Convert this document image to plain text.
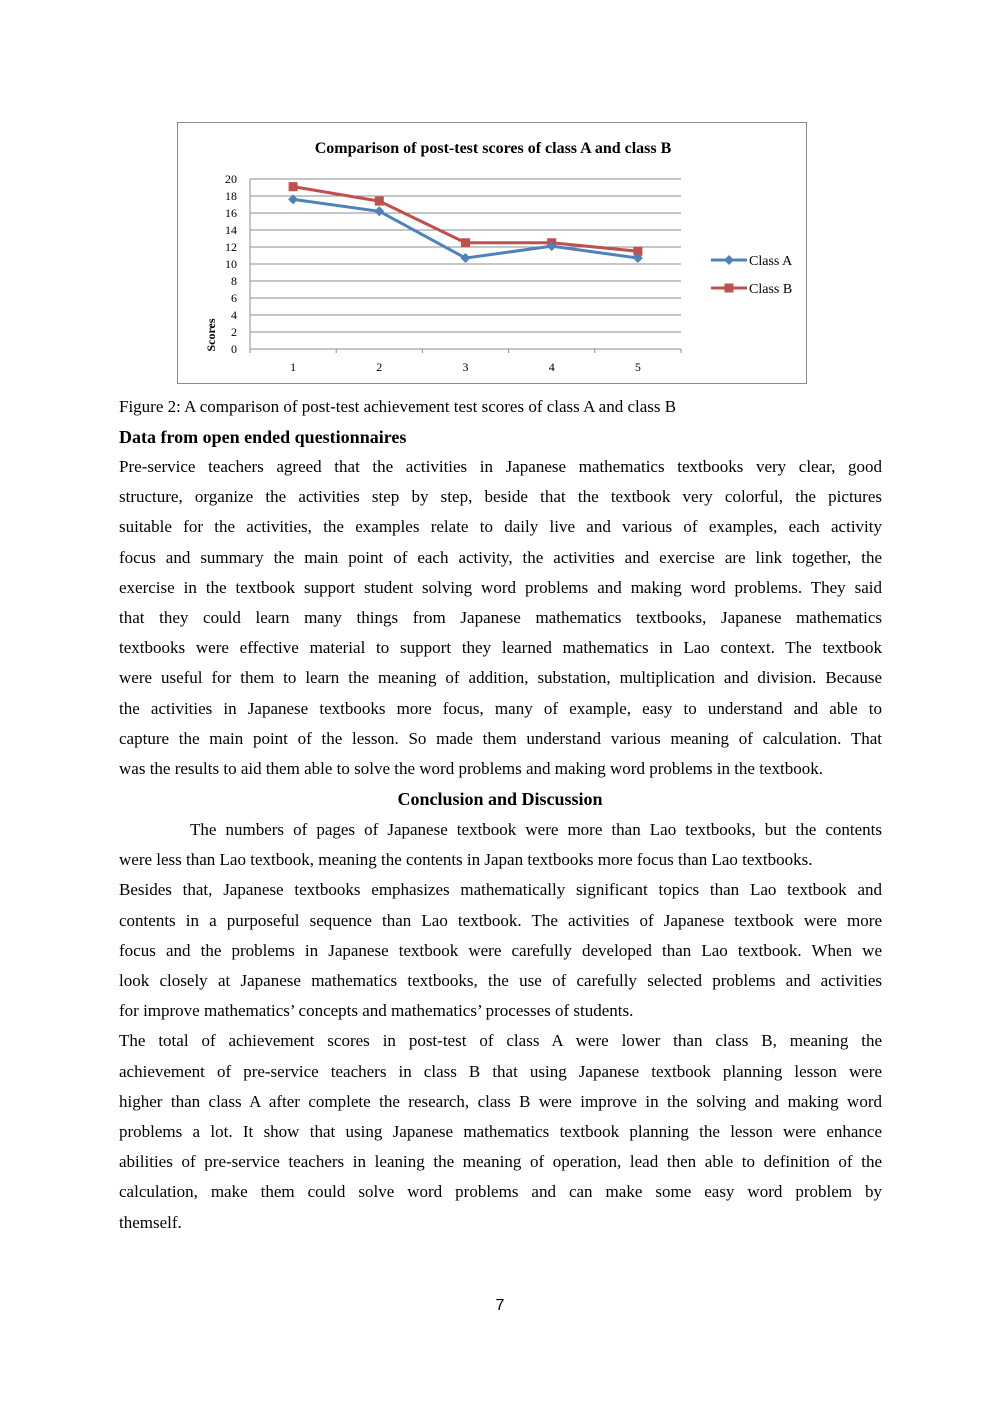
Comparison of post-test scores of class A and class B
0
2
4
6
8
10
12
14
16
18
20
1	2	3	4	5
Scores
Class A
Class B
Figure 2: A comparison of post-test achievement test scores of class A and class B
Data from open ended questionnaires
Pre-service teachers agreed that the activities in Japanese mathematics textbooks very clear, good
structure, organize the activities step by step, beside that the textbook very colorful, the pictures
suitable for the activities, the examples relate to daily live and various of examples, each activity
focus and summary the main point of each activity, the activities and exercise are link together, the
exercise in the textbook support student solving word problems and making word problems. They said
that they could learn many things from Japanese mathematics textbooks, Japanese mathematics
textbooks were effective material to support they learned mathematics in Lao context. The textbook
were useful for them to learn the meaning of addition, substation, multiplication and division. Because
the activities in Japanese textbooks more focus, many of example, easy to understand and able to
capture the main point of the lesson. So made them understand various meaning of calculation. That
was the results to aid them able to solve the word problems and making word problems in the textbook.
Conclusion and Discussion
The numbers of pages of Japanese textbook were more than Lao textbooks, but the contents
were less than Lao textbook, meaning the contents in Japan textbooks more focus than Lao textbooks.
Besides that, Japanese textbooks emphasizes mathematically significant topics than Lao textbook and
contents in a purposeful sequence than Lao textbook. The activities of Japanese textbook were more
focus and the problems in Japanese textbook were carefully developed than Lao textbook. When we
look closely at Japanese mathematics textbooks, the use of carefully selected problems and activities
for improve mathematics’ concepts and mathematics’ processes of students.
The total of achievement scores in post-test of class A were lower than class B, meaning the
achievement of pre-service teachers in class B that using Japanese textbook planning lesson were
higher than class A after complete the research, class B were improve in the solving and making word
problems a lot. It show that using Japanese mathematics textbook planning the lesson were enhance
abilities of pre-service teachers in leaning the meaning of operation, lead then able to definition of the
calculation, make them could solve word problems and can make some easy word problem by
themself.
7
